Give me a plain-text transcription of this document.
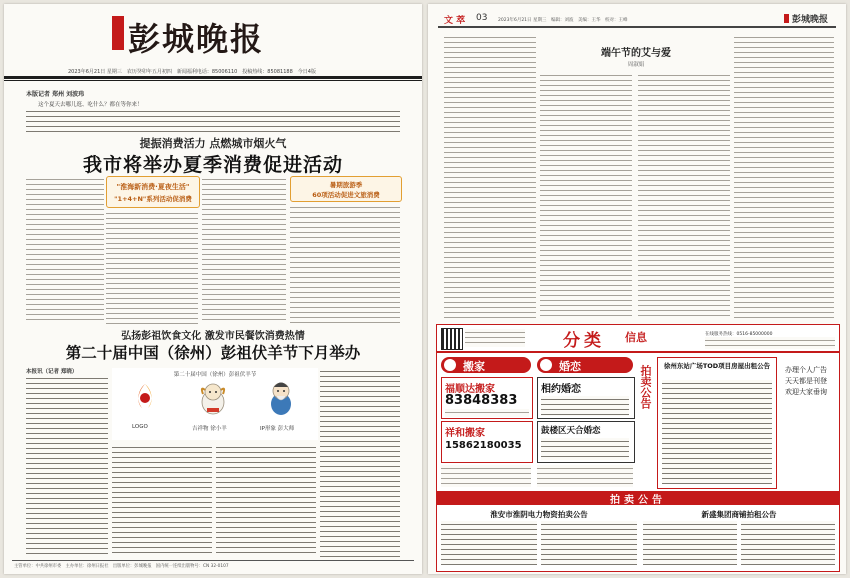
彭城晚报
2023年6月21日 星期三　农历癸卯年五月初四　新闻福利电话：85006110　投稿热线：85081188　今日4版
本版记者 郑州 刘波玮
这个夏天去哪儿逛、吃什么？都在等你来！
提振消费活力 点燃城市烟火气
我市将举办夏季消费促进活动
"淮海新消费·夏夜生活"
"1+4+N"系列活动促消费
暑期旅游季
60项活动促进文旅消费
弘扬彭祖饮食文化 激发市民餐饮消费热情
第二十届中国（徐州）彭祖伏羊节下月举办
本报讯（记者 郑晓）	第二十届中国（徐州）彭祖伏羊节
LOGO	吉祥物 徐小羊	IP形象 彭大师
主管单位：中共徐州市委　主办单位：徐州日报社　出版单位：彭城晚报　国内统一连续出版物号：CN 32-0107
文 萃 03 2023年6月21日 星期三　编辑：刘波　美编：王华　校对：王峰	彭城晚报
端午节的艾与爱
周淑娟
分类 信息	在线服务热线：0516-85000000
搬家
福顺达搬家
83848383
祥和搬家
15862180035
婚恋
相约婚恋
鼓楼区天合婚恋
拍卖公告	徐州东站广场TOD项目房屋出租公告	办理个人广告 天天都是刊登 欢迎大家垂询
拍卖公告
淮安市淮阴电力物资拍卖公告	新盛集团商铺拍租公告
